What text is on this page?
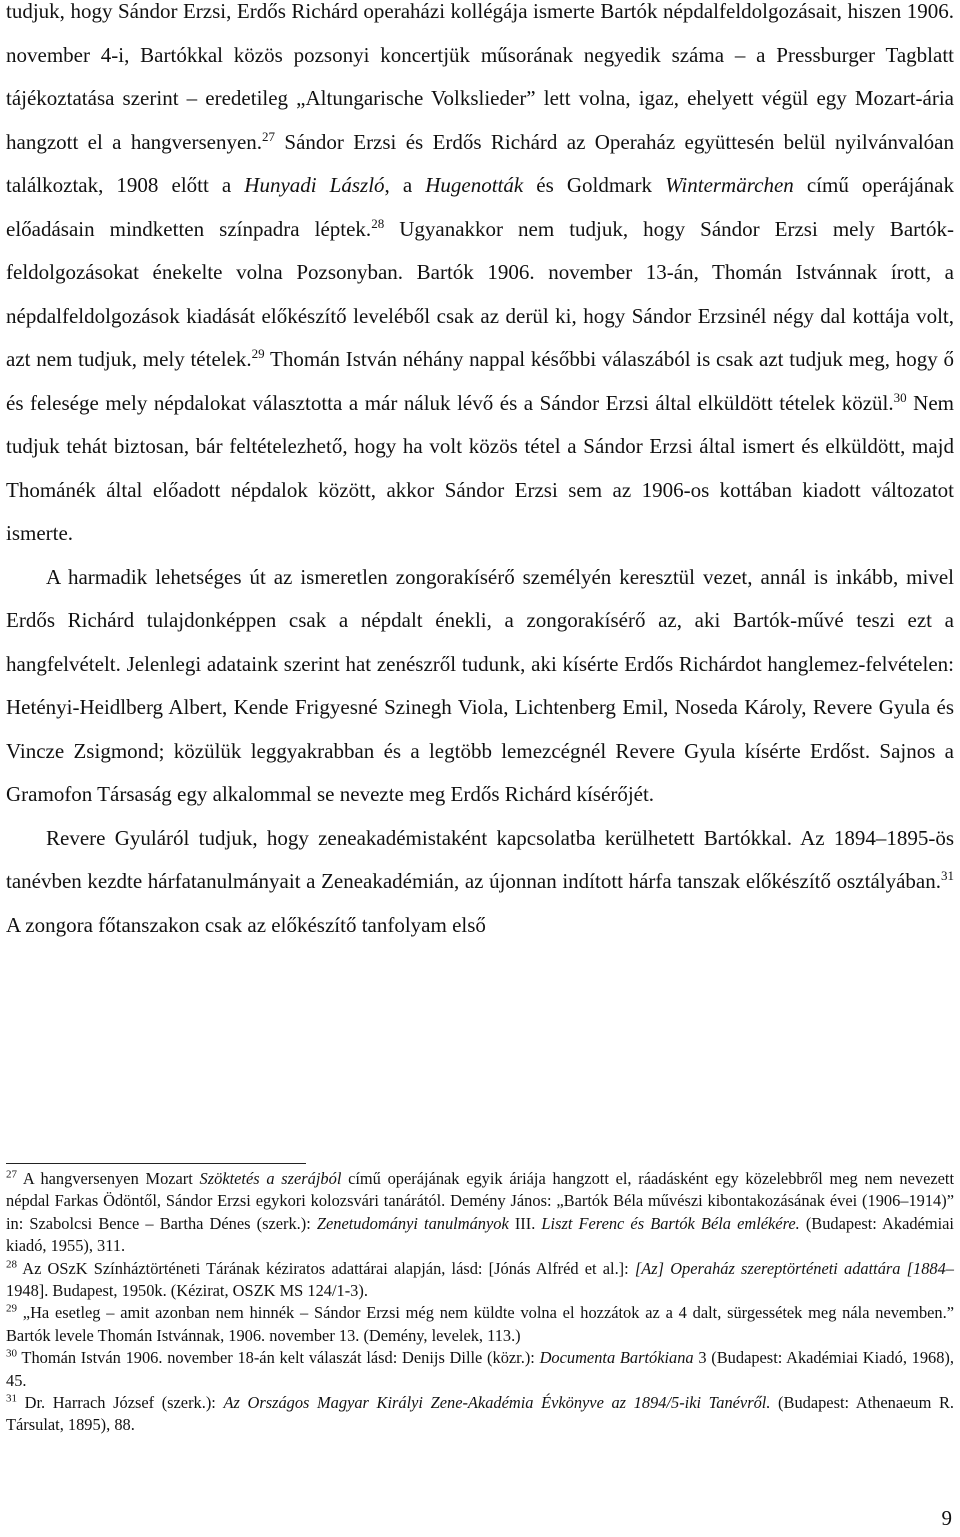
tudjuk, hogy Sándor Erzsi, Erdős Richárd operaházi kollégája ismerte Bartók népdalfeldolgozásait, hiszen 1906. november 4-i, Bartókkal közös pozsonyi koncertjük műsorának negyedik száma – a Pressburger Tagblatt tájékoztatása szerint – eredetileg „Altungarische Volkslieder” lett volna, igaz, ehelyett végül egy Mozart-ária hangzott el a hangversenyen.$^{27}$ Sándor Erzsi és Erdős Richárd az Operaház együttesén belül nyilvánvalóan találkoztak, 1908 előtt a Hunyadi László, a Hugenották és Goldmark Wintermärchen című operájának előadásain mindketten színpadra léptek.$^{28}$ Ugyanakkor nem tudjuk, hogy Sándor Erzsi mely Bartók-feldolgozásokat énekelte volna Pozsonyban. Bartók 1906. november 13-án, Thomán Istvánnak írott, a népdalfeldolgozások kiadását előkészítő leveléből csak az derül ki, hogy Sándor Erzsinél négy dal kottája volt, azt nem tudjuk, mely tételek.$^{29}$ Thomán István néhány nappal későbbi válaszából is csak azt tudjuk meg, hogy ő és felesége mely népdalokat választotta a már náluk lévő és a Sándor Erzsi által elküldött tételek közül.$^{30}$ Nem tudjuk tehát biztosan, bár feltételezhető, hogy ha volt közös tétel a Sándor Erzsi által ismert és elküldött, majd Thománék által előadott népdalok között, akkor Sándor Erzsi sem az 1906-os kottában kiadott változatot ismerte.

A harmadik lehetséges út az ismeretlen zongorakísérő személyén keresztül vezet, annál is inkább, mivel Erdős Richárd tulajdonképpen csak a népdalt énekli, a zongorakísérő az, aki Bartók-művé teszi ezt a hangfelvételt. Jelenlegi adataink szerint hat zenészről tudunk, aki kísérte Erdős Richárdot hanglemez-felvételen: Hetényi-Heidlberg Albert, Kende Frigyesné Szinegh Viola, Lichtenberg Emil, Noseda Károly, Revere Gyula és Vincze Zsigmond; közülük leggyakrabban és a legtöbb lemezcégnél Revere Gyula kísérte Erdőst. Sajnos a Gramofon Társaság egy alkalommal se nevezte meg Erdős Richárd kísérőjét.

Revere Gyuláról tudjuk, hogy zeneakadémistaként kapcsolatba kerülhetett Bartókkal. Az 1894–1895-ös tanévben kezdte hárfatanulmányait a Zeneakadémián, az újonnan indított hárfa tanszak előkészítő osztályában.$^{31}$ A zongora főtanszakon csak az előkészítő tanfolyam első

$^{27}$ A hangversenyen Mozart Szöktetés a szerájból című operájának egyik áriája hangzott el, ráadásként egy közelebbről meg nem nevezett népdal Farkas Ödöntől, Sándor Erzsi egykori kolozsvári tanárától. Demény János: „Bartók Béla művészi kibontakozásának évei (1906–1914)” in: Szabolcsi Bence – Bartha Dénes (szerk.): Zenetudományi tanulmányok III. Liszt Ferenc és Bartók Béla emlékére. (Budapest: Akadémiai kiadó, 1955), 311.

$^{28}$ Az OSzK Színháztörténeti Tárának kéziratos adattárai alapján, lásd: [Jónás Alfréd et al.]: [Az] Operaház szereptörténeti adattára [1884–1948]. Budapest, 1950k. (Kézirat, OSZK MS 124/1-3).

$^{29}$ „Ha esetleg – amit azonban nem hinnék – Sándor Erzsi még nem küldte volna el hozzátok az a 4 dalt, sürgessétek meg nála nevemben.” Bartók levele Thomán Istvánnak, 1906. november 13. (Demény, levelek, 113.)

$^{30}$ Thomán István 1906. november 18-án kelt válaszát lásd: Denijs Dille (közr.): Documenta Bartókiana 3 (Budapest: Akadémiai Kiadó, 1968), 45.

$^{31}$ Dr. Harrach József (szerk.): Az Országos Magyar Királyi Zene-Akadémia Évkönyve az 1894/5-iki Tanévről. (Budapest: Athenaeum R. Társulat, 1895), 88.

9
